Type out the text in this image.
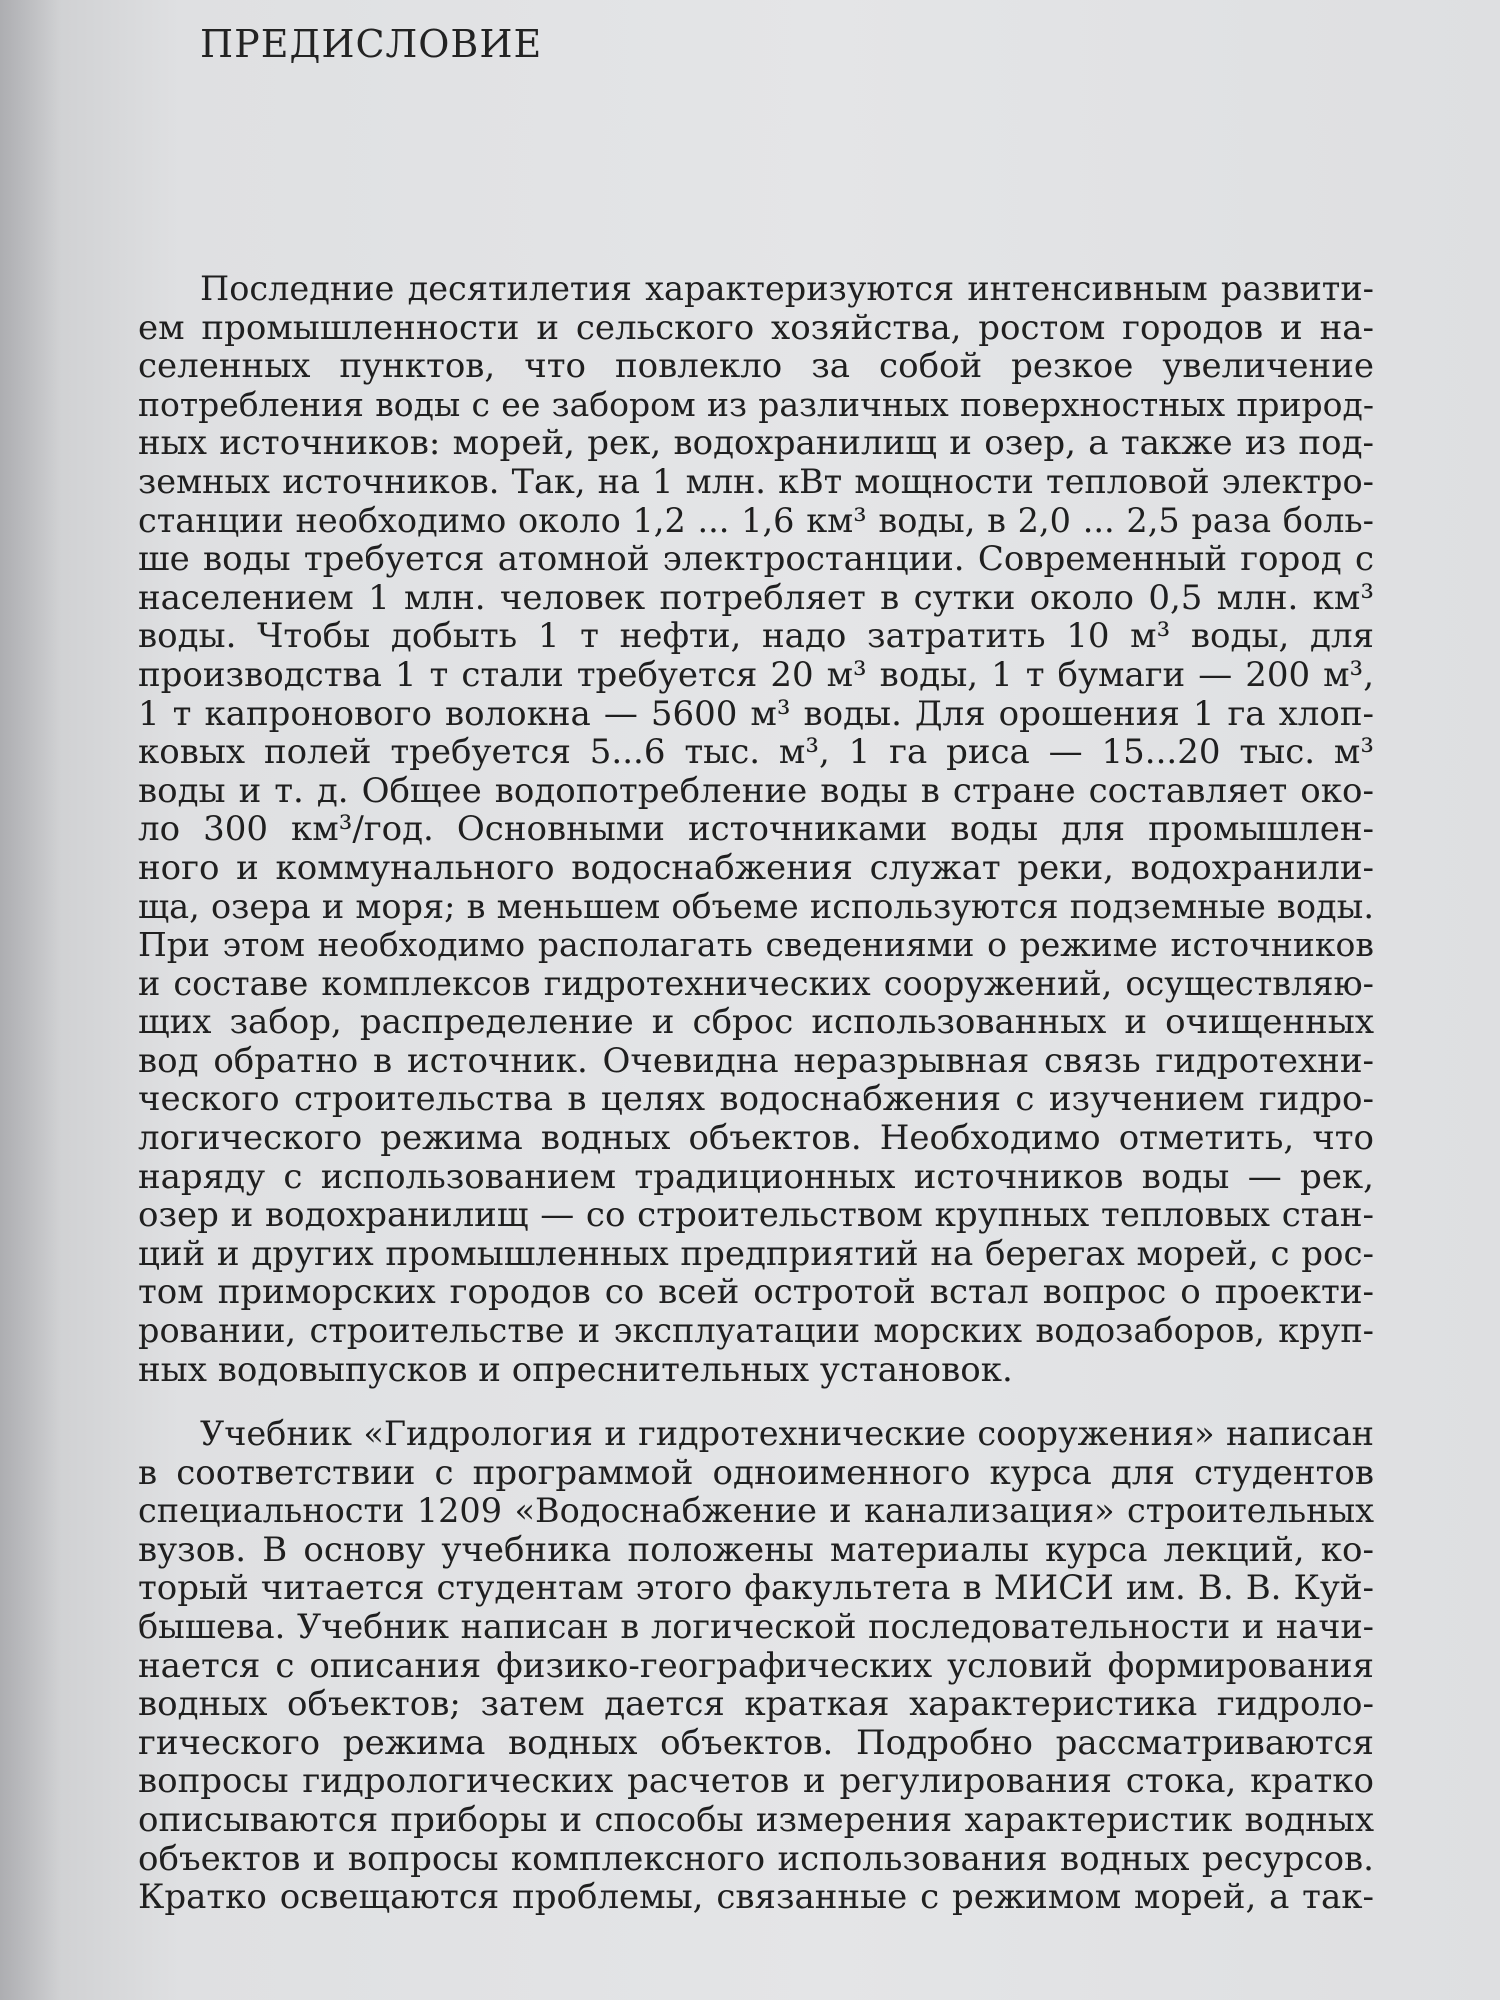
ПРЕДИСЛОВИЕ
Последние десятилетия характеризуются интенсивным развити-
ем промышленности и сельского хозяйства, ростом городов и на-
селенных пунктов, что повлекло за собой резкое увеличение
потребления воды с ее забором из различных поверхностных природ-
ных источников: морей, рек, водохранилищ и озер, а также из под-
земных источников. Так, на 1 млн. кВт мощности тепловой электро-
станции необходимо около 1,2 ... 1,6 км³ воды, в 2,0 ... 2,5 раза боль-
ше воды требуется атомной электростанции. Современный город с
населением 1 млн. человек потребляет в сутки около 0,5 млн. км³
воды. Чтобы добыть 1 т нефти, надо затратить 10 м³ воды, для
производства 1 т стали требуется 20 м³ воды, 1 т бумаги — 200 м³,
1 т капронового волокна — 5600 м³ воды. Для орошения 1 га хлоп-
ковых полей требуется 5...6 тыс. м³, 1 га риса — 15...20 тыс. м³
воды и т. д. Общее водопотребление воды в стране составляет око-
ло 300 км³/год. Основными источниками воды для промышлен-
ного и коммунального водоснабжения служат реки, водохранили-
ща, озера и моря; в меньшем объеме используются подземные воды.
При этом необходимо располагать сведениями о режиме источников
и составе комплексов гидротехнических сооружений, осуществляю-
щих забор, распределение и сброс использованных и очищенных
вод обратно в источник. Очевидна неразрывная связь гидротехни-
ческого строительства в целях водоснабжения с изучением гидро-
логического режима водных объектов. Необходимо отметить, что
наряду с использованием традиционных источников воды — рек,
озер и водохранилищ — со строительством крупных тепловых стан-
ций и других промышленных предприятий на берегах морей, с рос-
том приморских городов со всей остротой встал вопрос о проекти-
ровании, строительстве и эксплуатации морских водозаборов, круп-
ных водовыпусков и опреснительных установок.
Учебник «Гидрология и гидротехнические сооружения» написан
в соответствии с программой одноименного курса для студентов
специальности 1209 «Водоснабжение и канализация» строительных
вузов. В основу учебника положены материалы курса лекций, ко-
торый читается студентам этого факультета в МИСИ им. В. В. Куй-
бышева. Учебник написан в логической последовательности и начи-
нается с описания физико-географических условий формирования
водных объектов; затем дается краткая характеристика гидроло-
гического режима водных объектов. Подробно рассматриваются
вопросы гидрологических расчетов и регулирования стока, кратко
описываются приборы и способы измерения характеристик водных
объектов и вопросы комплексного использования водных ресурсов.
Кратко освещаются проблемы, связанные с режимом морей, а так-
